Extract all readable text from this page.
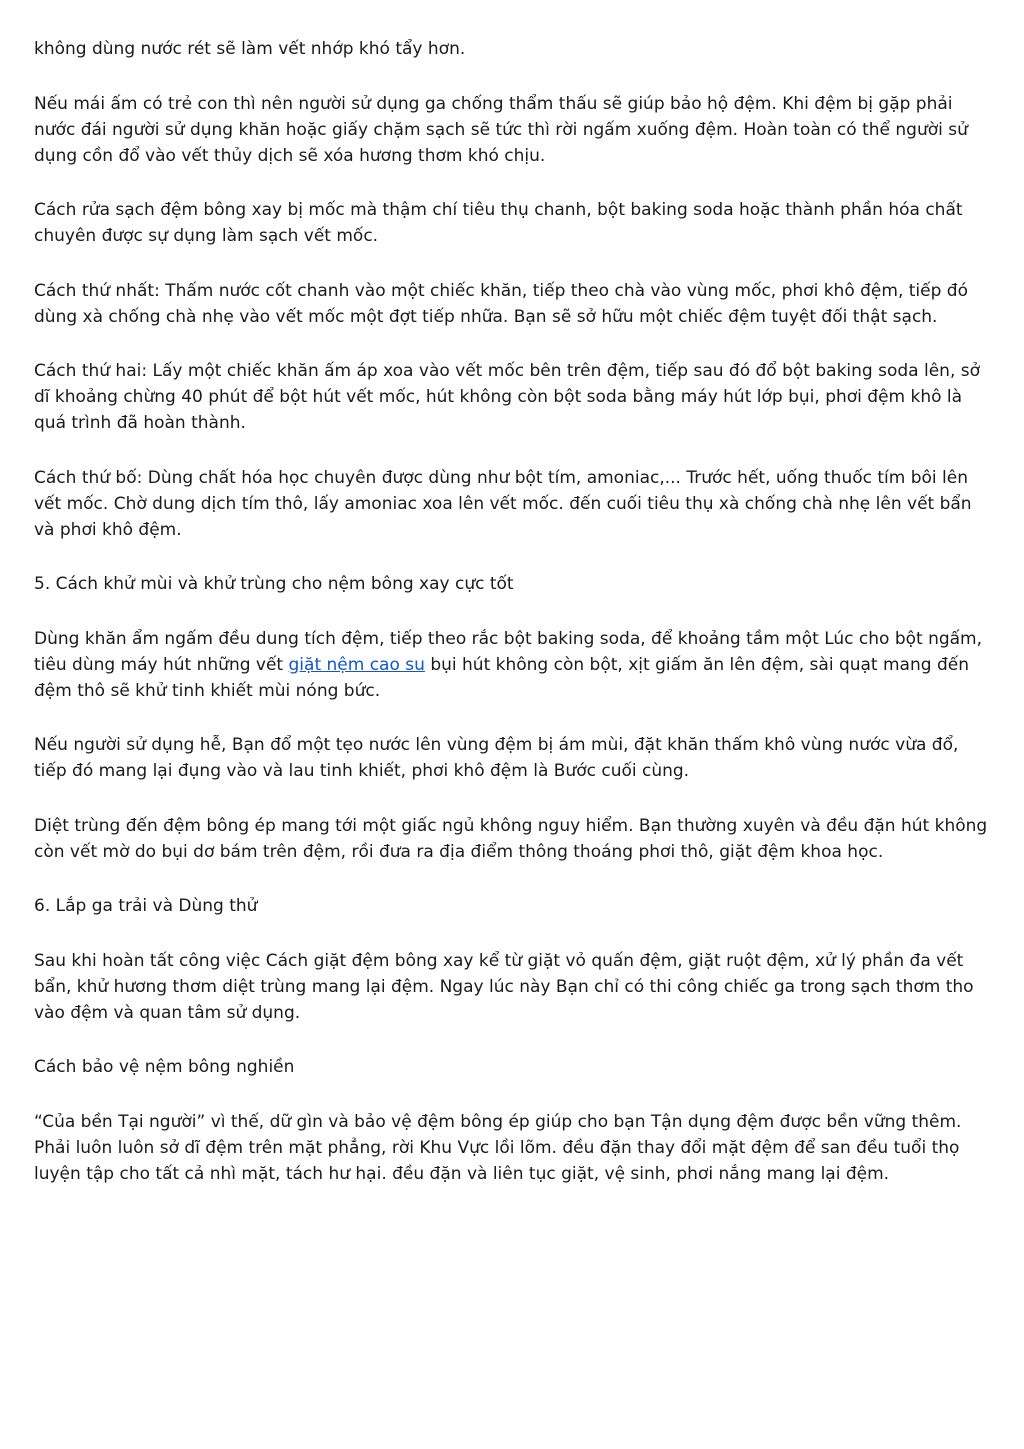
không dùng nước rét sẽ làm vết nhớp khó tẩy hơn.

Nếu mái ấm có trẻ con thì nên người sử dụng ga chống thẩm thấu sẽ giúp bảo hộ đệm. Khi đệm bị gặp phải nước đái người sử dụng khăn hoặc giấy chặm sạch sẽ tức thì rời ngấm xuống đệm. Hoàn toàn có thể người sử dụng cồn đổ vào vết thủy dịch sẽ xóa hương thơm khó chịu.

Cách rửa sạch đệm bông xay bị mốc mà thậm chí tiêu thụ chanh, bột baking soda hoặc thành phần hóa chất chuyên được sự dụng làm sạch vết mốc.

Cách thứ nhất: Thấm nước cốt chanh vào một chiếc khăn, tiếp theo chà vào vùng mốc, phơi khô đệm, tiếp đó dùng xà chống chà nhẹ vào vết mốc một đợt tiếp nhữa. Bạn sẽ sở hữu một chiếc đệm tuyệt đối thật sạch.

Cách thứ hai: Lấy một chiếc khăn ấm áp xoa vào vết mốc bên trên đệm, tiếp sau đó đổ bột baking soda lên, sở dĩ khoảng chừng 40 phút để bột hút vết mốc, hút không còn bột soda bằng máy hút lớp bụi, phơi đệm khô là quá trình đã hoàn thành.

Cách thứ bố: Dùng chất hóa học chuyên được dùng như bột tím, amoniac,... Trước hết, uống thuốc tím bôi lên vết mốc. Chờ dung dịch tím thô, lấy amoniac xoa lên vết mốc. đến cuối tiêu thụ xà chống chà nhẹ lên vết bẩn và phơi khô đệm.

5. Cách khử mùi và khử trùng cho nệm bông xay cực tốt

Dùng khăn ẩm ngấm đều dung tích đệm, tiếp theo rắc bột baking soda, để khoảng tầm một Lúc cho bột ngấm, tiêu dùng máy hút những vết giặt nệm cao su bụi hút không còn bột, xịt giấm ăn lên đệm, sài quạt mang đến đệm thô sẽ khử tinh khiết mùi nóng bức.

Nếu người sử dụng hễ, Bạn đổ một tẹo nước lên vùng đệm bị ám mùi, đặt khăn thấm khô vùng nước vừa đổ, tiếp đó mang lại đụng vào và lau tinh khiết, phơi khô đệm là Bước cuối cùng.

Diệt trùng đến đệm bông ép mang tới một giấc ngủ không nguy hiểm. Bạn thường xuyên và đều đặn hút không còn vết mờ do bụi dơ bám trên đệm, rồi đưa ra địa điểm thông thoáng phơi thô, giặt đệm khoa học.

6. Lắp ga trải và Dùng thử

Sau khi hoàn tất công việc Cách giặt đệm bông xay kể từ giặt vỏ quấn đệm, giặt ruột đệm, xử lý phần đa vết bẩn, khử hương thơm diệt trùng mang lại đệm. Ngay lúc này Bạn chỉ có thi công chiếc ga trong sạch thơm tho vào đệm và quan tâm sử dụng.

Cách bảo vệ nệm bông nghiền

“Của bền Tại người” vì thế, dữ gìn và bảo vệ đệm bông ép giúp cho bạn Tận dụng đệm được bền vững thêm. Phải luôn luôn sở dĩ đệm trên mặt phẳng, rời Khu Vực lồi lõm. đều đặn thay đổi mặt đệm để san đều tuổi thọ luyện tập cho tất cả nhì mặt, tách hư hại. đều đặn và liên tục giặt, vệ sinh, phơi nắng mang lại đệm.
